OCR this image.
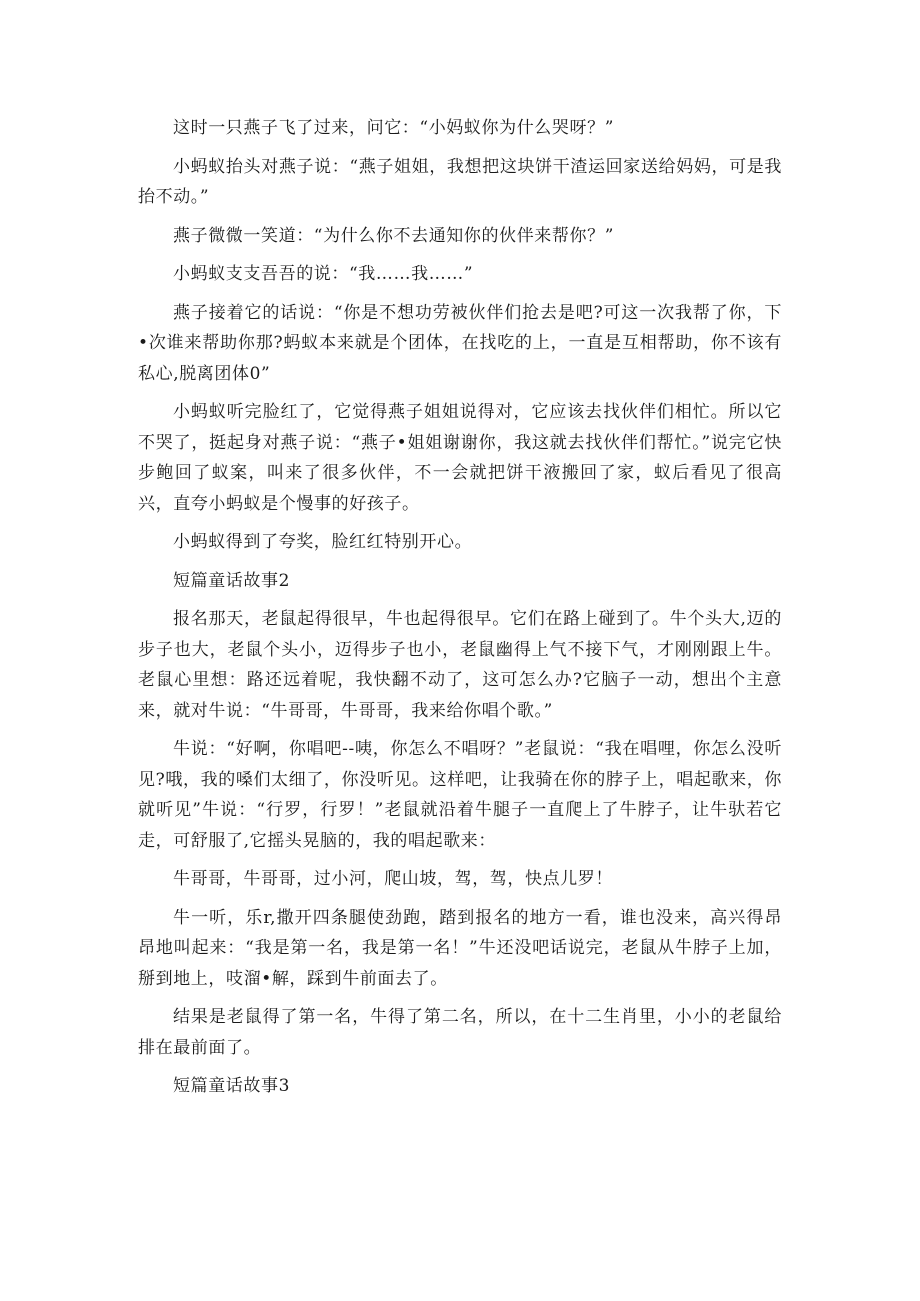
这时一只燕子飞了过来，问它：“小妈蚁你为什么哭呀？”

小蚂蚁抬头对燕子说：“燕子姐姐，我想把这块饼干渣运回家送给妈妈，可是我抬不动。”

燕子微微一笑道：“为什么你不去通知你的伙伴来帮你？”

小蚂蚁支支吾吾的说：“我……我……”

燕子接着它的话说：“你是不想功劳被伙伴们抢去是吧?可这一次我帮了你，下•次谁来帮助你那?蚂蚁本来就是个团体，在找吃的上，一直是互相帮助，你不该有私心,脱离团体0”

小蚂蚁听完脸红了，它觉得燕子姐姐说得对，它应该去找伙伴们相忙。所以它不哭了，挺起身对燕子说：“燕子•姐姐谢谢你，我这就去找伙伴们帮忙。”说完它快步鲍回了蚁案，叫来了很多伙伴，不一会就把饼干液搬回了家，蚁后看见了很高兴，直夸小蚂蚁是个慢事的好孩子。

小蚂蚁得到了夸奖，脸红红特别开心。

短篇童话故事2

报名那天，老鼠起得很早，牛也起得很早。它们在路上碰到了。牛个头大,迈的步子也大，老鼠个头小，迈得步子也小，老鼠幽得上气不接下气，才刚刚跟上牛。老鼠心里想：路还远着呢，我快翻不动了，这可怎么办?它脑子一动，想出个主意来，就对牛说：“牛哥哥，牛哥哥，我来给你唱个歌。”

牛说：“好啊，你唱吧--咦，你怎么不唱呀？”老鼠说：“我在唱哩，你怎么没听见?哦，我的嗓们太细了，你没听见。这样吧，让我骑在你的脖子上，唱起歌来，你就听见”牛说：“行罗，行罗！”老鼠就沿着牛腿子一直爬上了牛脖子，让牛驮若它走，可舒服了,它摇头晃脑的，我的唱起歌来：

牛哥哥，牛哥哥，过小河，爬山坡，驾，驾，快点儿罗！

牛一听，乐r,撒开四条腿使劲跑，踏到报名的地方一看，谁也没来，高兴得昂昂地叫起来：“我是第一名，我是第一名！”牛还没吧话说完，老鼠从牛脖子上加，掰到地上，吱溜•解，踩到牛前面去了。

结果是老鼠得了第一名，牛得了第二名，所以，在十二生肖里，小小的老鼠给排在最前面了。

短篇童话故事3
